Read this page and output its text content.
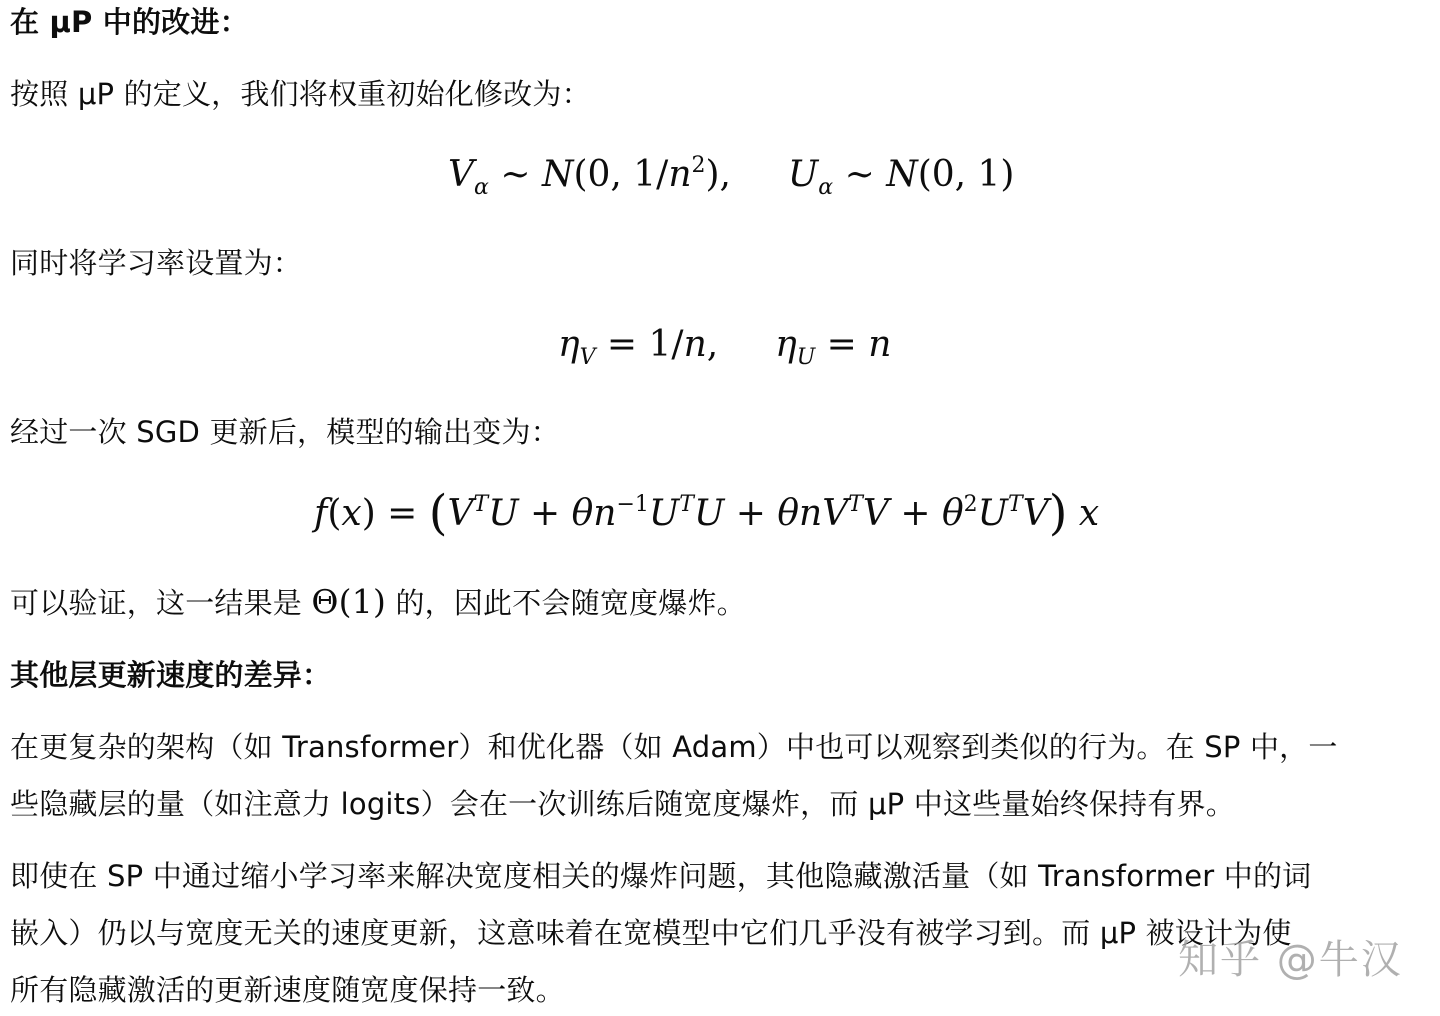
在 μP 中的改进：
按照 μP 的定义，我们将权重初始化修改为：
$V_\alpha$ ∼ N(0, $1/n^2$), $U_\alpha$ ∼ N(0, 1)
同时将学习率设置为：
$\eta_V = 1/n$, $\eta_U = n$
经过一次 SGD 更新后，模型的输出变为：
$f(x) = (V^TU + \theta n^{-1}U^TU + \theta nV^TV + \theta^2U^TV)$ x
可以验证，这一结果是 Θ(1) 的，因此不会随宽度爆炸。
其他层更新速度的差异：
在更复杂的架构（如 Transformer）和优化器（如 Adam）中也可以观察到类似的行为。在 SP 中，一
些隐藏层的量（如注意力 logits）会在一次训练后随宽度爆炸，而 μP 中这些量始终保持有界。
即使在 SP 中通过缩小学习率来解决宽度相关的爆炸问题，其他隐藏激活量（如 Transformer 中的词
嵌入）仍以与宽度无关的速度更新，这意味着在宽模型中它们几乎没有被学习到。而 μP 被设计为使
所有隐藏激活的更新速度随宽度保持一致。
知乎 @牛汉
